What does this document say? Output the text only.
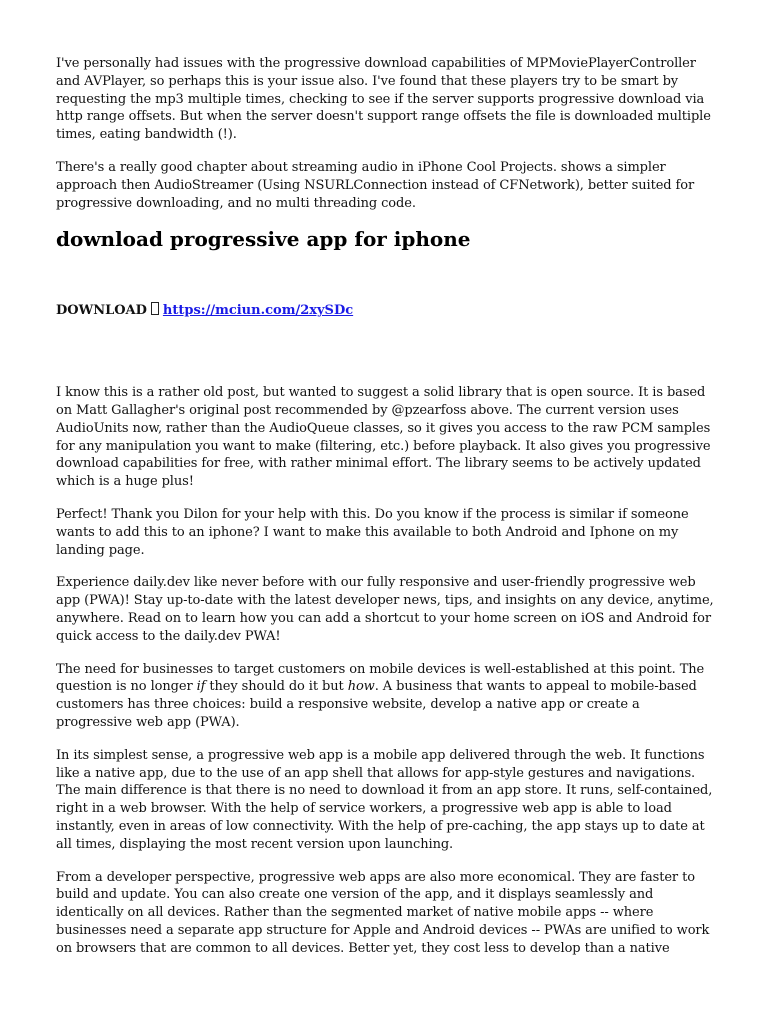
I've personally had issues with the progressive download capabilities of MPMoviePlayerController and AVPlayer, so perhaps this is your issue also. I've found that these players try to be smart by requesting the mp3 multiple times, checking to see if the server supports progressive download via http range offsets. But when the server doesn't support range offsets the file is downloaded multiple times, eating bandwidth (!).

There's a really good chapter about streaming audio in iPhone Cool Projects. shows a simpler approach then AudioStreamer (Using NSURLConnection instead of CFNetwork), better suited for progressive downloading, and no multi threading code.

download progressive app for iphone
DOWNLOAD https://mciun.com/2xySDc

I know this is a rather old post, but wanted to suggest a solid library that is open source. It is based on Matt Gallagher's original post recommended by @pzearfoss above. The current version uses AudioUnits now, rather than the AudioQueue classes, so it gives you access to the raw PCM samples for any manipulation you want to make (filtering, etc.) before playback. It also gives you progressive download capabilities for free, with rather minimal effort. The library seems to be actively updated which is a huge plus!

Perfect! Thank you Dilon for your help with this. Do you know if the process is similar if someone wants to add this to an iphone? I want to make this available to both Android and Iphone on my landing page.

Experience daily.dev like never before with our fully responsive and user-friendly progressive web app (PWA)! Stay up-to-date with the latest developer news, tips, and insights on any device, anytime, anywhere. Read on to learn how you can add a shortcut to your home screen on iOS and Android for quick access to the daily.dev PWA!

The need for businesses to target customers on mobile devices is well-established at this point. The question is no longer if they should do it but how. A business that wants to appeal to mobile-based customers has three choices: build a responsive website, develop a native app or create a progressive web app (PWA).

In its simplest sense, a progressive web app is a mobile app delivered through the web. It functions like a native app, due to the use of an app shell that allows for app-style gestures and navigations. The main difference is that there is no need to download it from an app store. It runs, self-contained, right in a web browser. With the help of service workers, a progressive web app is able to load instantly, even in areas of low connectivity. With the help of pre-caching, the app stays up to date at all times, displaying the most recent version upon launching.

From a developer perspective, progressive web apps are also more economical. They are faster to build and update. You can also create one version of the app, and it displays seamlessly and identically on all devices. Rather than the segmented market of native mobile apps -- where businesses need a separate app structure for Apple and Android devices -- PWAs are unified to work on browsers that are common to all devices. Better yet, they cost less to develop than a native
